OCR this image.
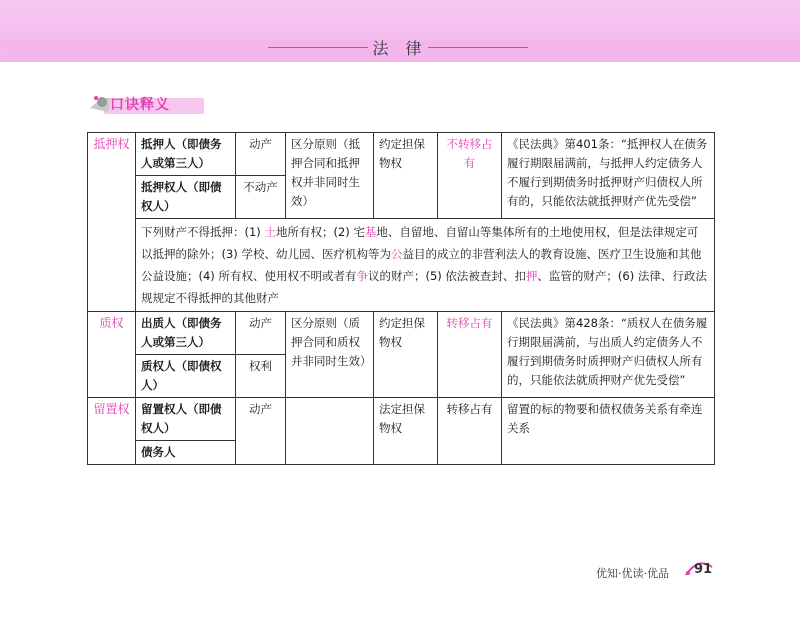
法 律
口诀释义
抵押权	抵押人（即债务人或第三人）	动产	区分原则（抵押合同和抵押权并非同时生效）	约定担保物权	不转移占有	《民法典》第401条：“抵押权人在债务履行期限届满前，与抵押人约定债务人不履行到期债务时抵押财产归债权人所有的，只能依法就抵押财产优先受偿”
	抵押权人（即债权人）	不动产				
	下列财产不得抵押：(1) 土地所有权；(2) 宅基地、自留地、自留山等集体所有的土地使用权，但是法律规定可以抵押的除外；(3) 学校、幼儿园、医疗机构等为公益目的成立的非营利法人的教育设施、医疗卫生设施和其他公益设施；(4) 所有权、使用权不明或者有争议的财产；(5) 依法被查封、扣押、监管的财产；(6) 法律、行政法规规定不得抵押的其他财产					
质权	出质人（即债务人或第三人）	动产	区分原则（质押合同和质权并非同时生效）	约定担保物权	转移占有	《民法典》第428条：“质权人在债务履行期限届满前，与出质人约定债务人不履行到期债务时质押财产归债权人所有的，只能依法就质押财产优先受偿”
	质权人（即债权人）	权利				
留置权	留置权人（即债权人）	动产		法定担保物权	转移占有	留置的标的物要和债权债务关系有牵连关系
	债务人					
优知·优读·优品 91
